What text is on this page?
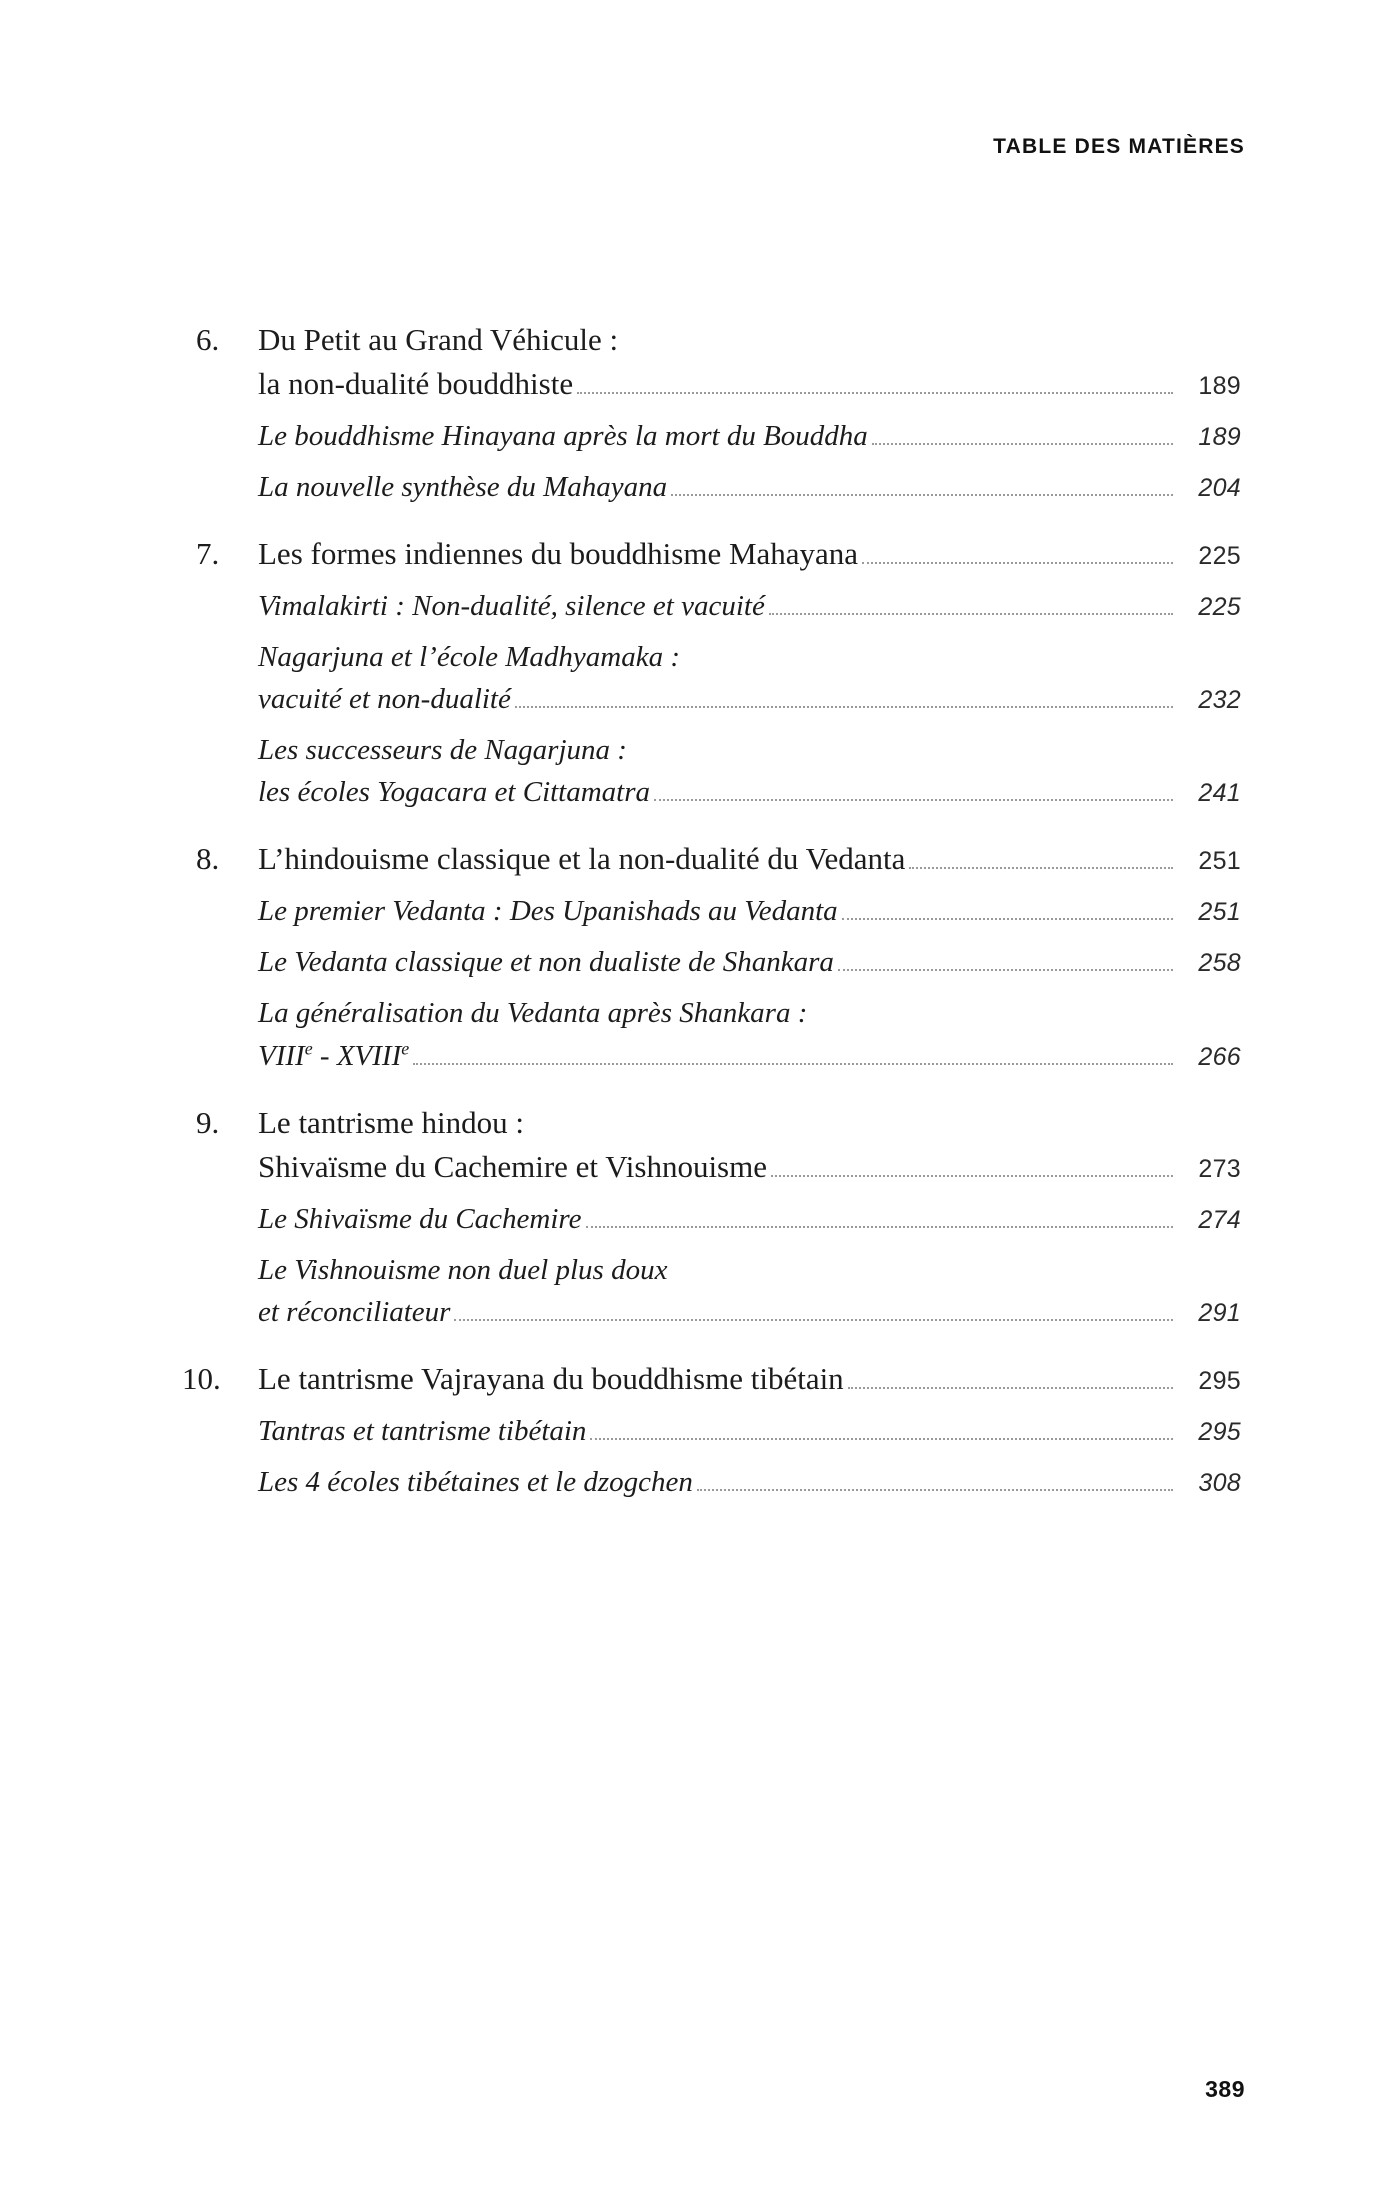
TABLE DES MATIÈRES
6.	Du Petit au Grand Véhicule :
la non-dualité bouddhiste	189
Le bouddhisme Hinayana après la mort du Bouddha	189
La nouvelle synthèse du Mahayana	204
7.	Les formes indiennes du bouddhisme Mahayana	225
Vimalakirti : Non-dualité, silence et vacuité	225
Nagarjuna et l’école Madhyamaka :
vacuité et non-dualité	232
Les successeurs de Nagarjuna :
les écoles Yogacara et Cittamatra	241
8.	L’hindouisme classique et la non-dualité du Vedanta	251
Le premier Vedanta : Des Upanishads au Vedanta	251
Le Vedanta classique et non dualiste de Shankara	258
La généralisation du Vedanta après Shankara :
VIIIe - XVIIIe	266
9.	Le tantrisme hindou :
Shivaïsme du Cachemire et Vishnouisme	273
Le Shivaïsme du Cachemire	274
Le Vishnouisme non duel plus doux
et réconciliateur	291
10.	Le tantrisme Vajrayana du bouddhisme tibétain	295
Tantras et tantrisme tibétain	295
Les 4 écoles tibétaines et le dzogchen	308
389
